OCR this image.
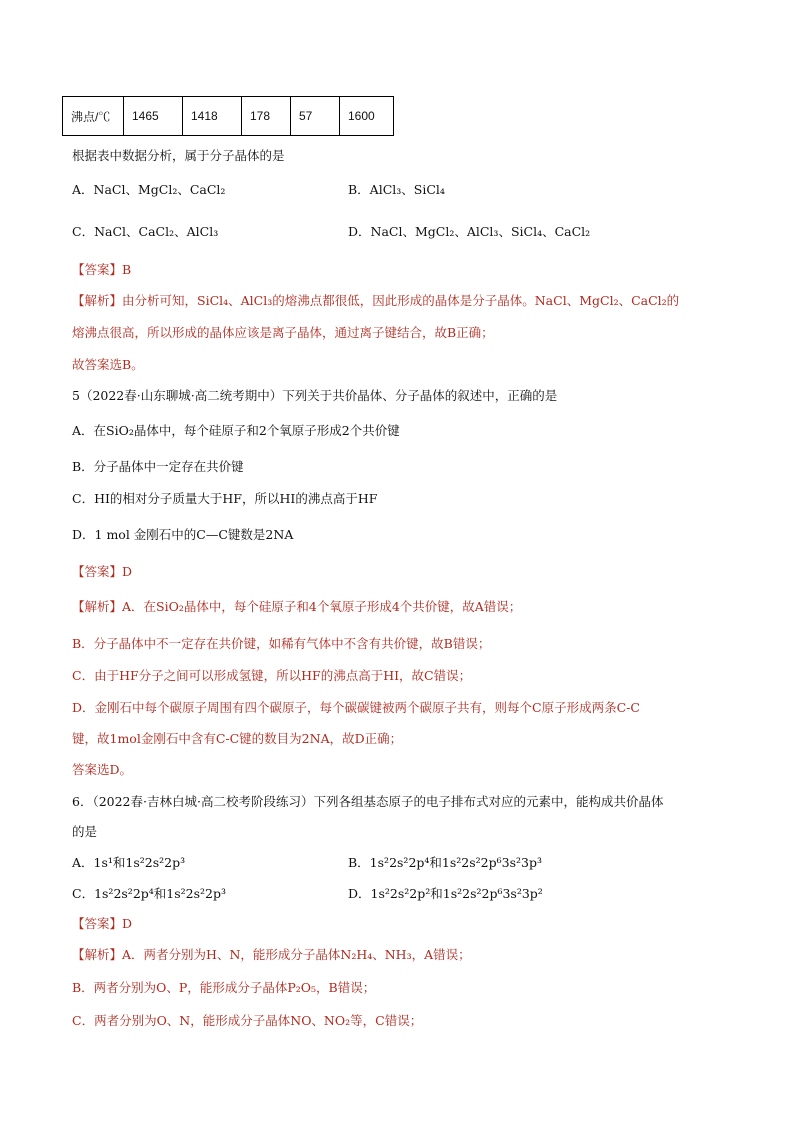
沸点/℃	1465	1418	178	57	1600
根据表中数据分析，属于分子晶体的是
A．NaCl、MgCl₂、CaCl₂	B．AlCl₃、SiCl₄
C．NaCl、CaCl₂、AlCl₃	D．NaCl、MgCl₂、AlCl₃、SiCl₄、CaCl₂
【答案】B
【解析】由分析可知，SiCl₄、AlCl₃的熔沸点都很低，因此形成的晶体是分子晶体。NaCl、MgCl₂、CaCl₂的
熔沸点很高，所以形成的晶体应该是离子晶体，通过离子键结合，故B正确；
故答案选B。
5（2022春·山东聊城·高二统考期中）下列关于共价晶体、分子晶体的叙述中，正确的是
A．在SiO₂晶体中，每个硅原子和2个氧原子形成2个共价键
B．分子晶体中一定存在共价键
C．HI的相对分子质量大于HF，所以HI的沸点高于HF
D．1 mol 金刚石中的C—C键数是2NA
【答案】D
【解析】A．在SiO₂晶体中，每个硅原子和4个氧原子形成4个共价键，故A错误；
B．分子晶体中不一定存在共价键，如稀有气体中不含有共价键，故B错误；
C．由于HF分子之间可以形成氢键，所以HF的沸点高于HI，故C错误；
D．金刚石中每个碳原子周围有四个碳原子，每个碳碳键被两个碳原子共有，则每个C原子形成两条C-C
键，故1mol金刚石中含有C-C键的数目为2NA，故D正确；
答案选D。
6．（2022春·吉林白城·高二校考阶段练习）下列各组基态原子的电子排布式对应的元素中，能构成共价晶体
的是
A．1s¹和1s²2s²2p³	B．1s²2s²2p⁴和1s²2s²2p⁶3s²3p³
C．1s²2s²2p⁴和1s²2s²2p³	D．1s²2s²2p²和1s²2s²2p⁶3s²3p²
【答案】D
【解析】A．两者分别为H、N，能形成分子晶体N₂H₄、NH₃，A错误；
B．两者分别为O、P，能形成分子晶体P₂O₅，B错误；
C．两者分别为O、N，能形成分子晶体NO、NO₂等，C错误；
